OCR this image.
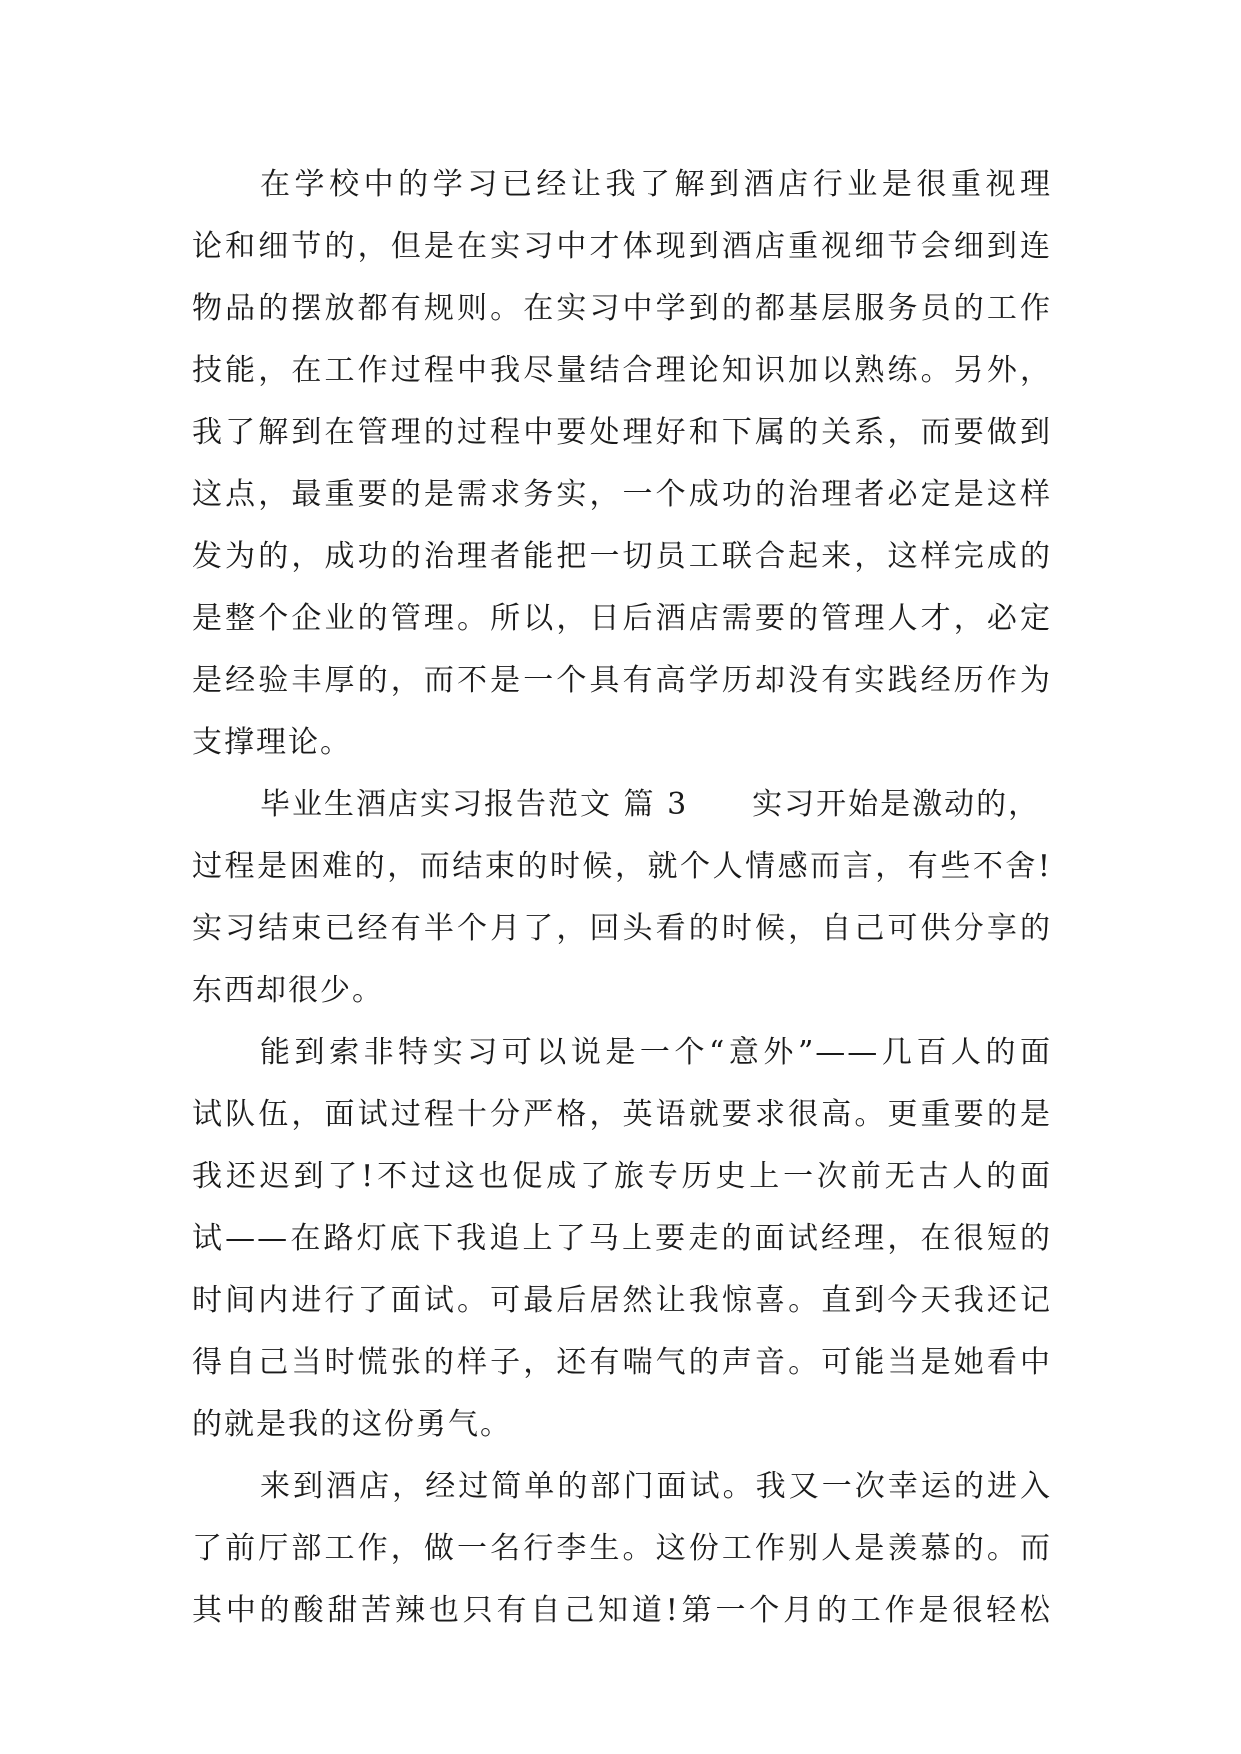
在学校中的学习已经让我了解到酒店行业是很重视理
论和细节的，但是在实习中才体现到酒店重视细节会细到连
物品的摆放都有规则。在实习中学到的都基层服务员的工作
技能，在工作过程中我尽量结合理论知识加以熟练。另外，
我了解到在管理的过程中要处理好和下属的关系，而要做到
这点，最重要的是需求务实，一个成功的治理者必定是这样
发为的，成功的治理者能把一切员工联合起来，这样完成的
是整个企业的管理。所以，日后酒店需要的管理人才，必定
是经验丰厚的，而不是一个具有高学历却没有实践经历作为
支撑理论。
毕业生酒店实习报告范文 篇 3 实习开始是激动的，
过程是困难的，而结束的时候，就个人情感而言，有些不舍!
实习结束已经有半个月了，回头看的时候，自己可供分享的
东西却很少。
能到索非特实习可以说是一个“意外”——几百人的面
试队伍，面试过程十分严格，英语就要求很高。更重要的是
我还迟到了!不过这也促成了旅专历史上一次前无古人的面
试——在路灯底下我追上了马上要走的面试经理，在很短的
时间内进行了面试。可最后居然让我惊喜。直到今天我还记
得自己当时慌张的样子，还有喘气的声音。可能当是她看中
的就是我的这份勇气。
来到酒店，经过简单的部门面试。我又一次幸运的进入
了前厅部工作，做一名行李生。这份工作别人是羡慕的。而
其中的酸甜苦辣也只有自己知道!第一个月的工作是很轻松
